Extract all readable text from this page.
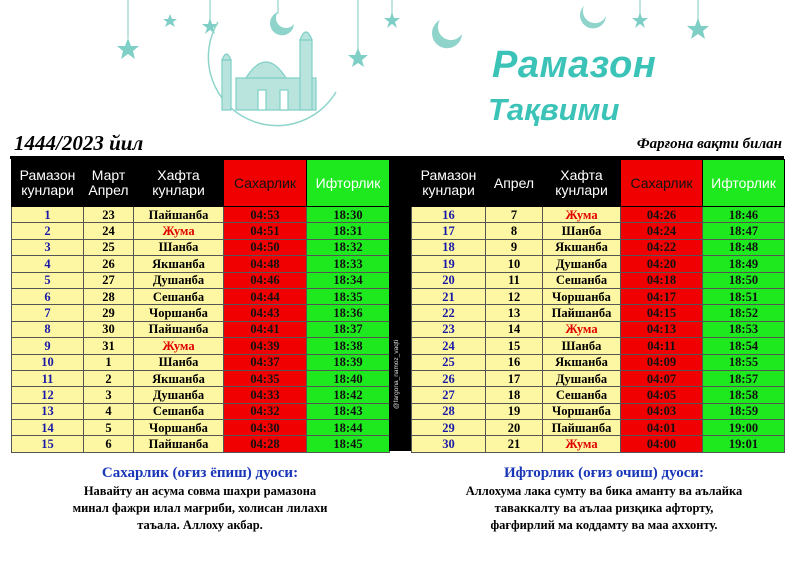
Рамазон
Тақвими
1444/2023 йил	Фарғона вақти билан
Рамазон кунлари	Март Апрел	Хафта кунлари	Сахарлик	Ифторлик
1	23	Пайшанба	04:53	18:30
2	24	Жума	04:51	18:31
3	25	Шанба	04:50	18:32
4	26	Якшанба	04:48	18:33
5	27	Душанба	04:46	18:34
6	28	Сешанба	04:44	18:35
7	29	Чоршанба	04:43	18:36
8	30	Пайшанба	04:41	18:37
9	31	Жума	04:39	18:38
10	1	Шанба	04:37	18:39
11	2	Якшанба	04:35	18:40
12	3	Душанба	04:33	18:42
13	4	Сешанба	04:32	18:43
14	5	Чоршанба	04:30	18:44
15	6	Пайшанба	04:28	18:45
@fargona_namoz_vaqti
Рамазон кунлари	Апрел	Хафта кунлари	Сахарлик	Ифторлик
16	7	Жума	04:26	18:46
17	8	Шанба	04:24	18:47
18	9	Якшанба	04:22	18:48
19	10	Душанба	04:20	18:49
20	11	Сешанба	04:18	18:50
21	12	Чоршанба	04:17	18:51
22	13	Пайшанба	04:15	18:52
23	14	Жума	04:13	18:53
24	15	Шанба	04:11	18:54
25	16	Якшанба	04:09	18:55
26	17	Душанба	04:07	18:57
27	18	Сешанба	04:05	18:58
28	19	Чоршанба	04:03	18:59
29	20	Пайшанба	04:01	19:00
30	21	Жума	04:00	19:01
Сахарлик (оғиз ёпиш) дуоси:
Навайту ан асума совма шахри рамазона
минал фажри илал мағриби, холисан лилахи
таъала. Аллоху акбар.
Ифторлик (оғиз очиш) дуоси:
Аллохума лака сумту ва бика аманту ва аълайка
таваккалту ва аълаа ризқика афторту,
фағфирлий ма коддамту ва маа аххонту.
